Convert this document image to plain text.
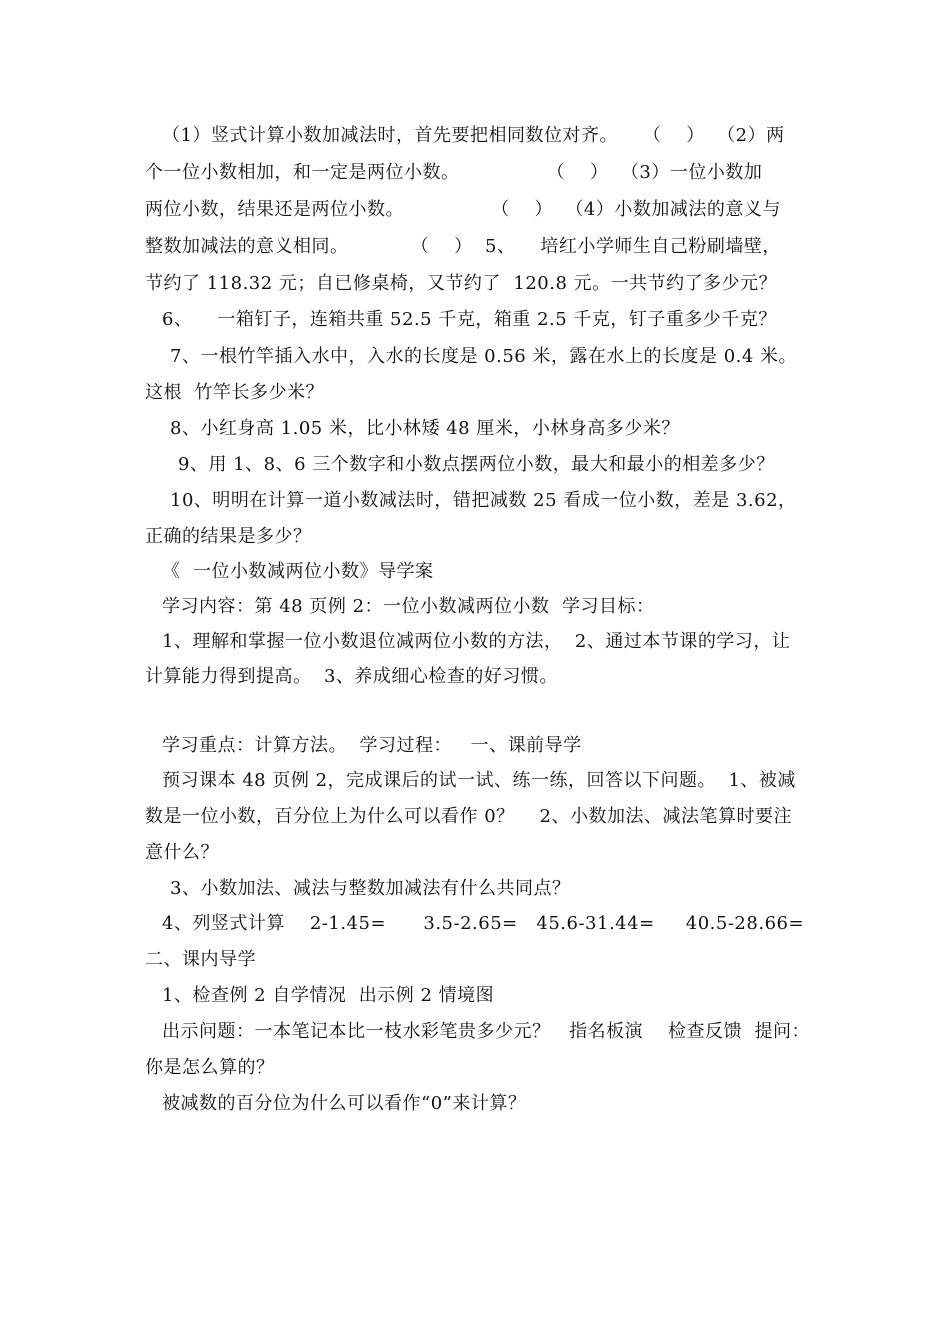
（1）竖式计算小数加减法时，首先要把相同数位对齐。    （    ）  （2）两
个一位小数相加，和一定是两位小数。              （    ）  （3）一位小数加
两位小数，结果还是两位小数。              （    ）  （4）小数加减法的意义与
整数加减法的意义相同。          （    ）  5、    培红小学师生自己粉刷墙壁，
节约了 118.32 元；自已修桌椅，又节约了  120.8 元。一共节约了多少元？
6、    一箱钉子，连箱共重 52.5 千克，箱重 2.5 千克，钉子重多少千克？
7、一根竹竿插入水中，入水的长度是 0.56 米，露在水上的长度是 0.4 米。
这根  竹竿长多少米？
8、小红身高 1.05 米，比小林矮 48 厘米，小林身高多少米？
9、用 1、8、6 三个数字和小数点摆两位小数，最大和最小的相差多少？
10、明明在计算一道小数减法时，错把减数 25 看成一位小数，差是 3.62，
正确的结果是多少？
《  一位小数减两位小数》导学案
学习内容：第 48 页例 2：一位小数减两位小数  学习目标：
1、理解和掌握一位小数退位减两位小数的方法，  2、通过本节课的学习，让
计算能力得到提高。  3、养成细心检查的好习惯。
学习重点：计算方法。  学习过程：   一、课前导学
预习课本 48 页例 2，完成课后的试一试、练一练，回答以下问题。  1、被减
数是一位小数，百分位上为什么可以看作 0？    2、小数加法、减法笔算时要注
意什么？
3、小数加法、减法与整数加减法有什么共同点？
4、列竖式计算    2-1.45=      3.5-2.65=   45.6-31.44=     40.5-28.66=
二、课内导学
1、检查例 2 自学情况  出示例 2 情境图
出示问题：一本笔记本比一枝水彩笔贵多少元？   指名板演    检查反馈  提问：
你是怎么算的？
被减数的百分位为什么可以看作“0”来计算？
